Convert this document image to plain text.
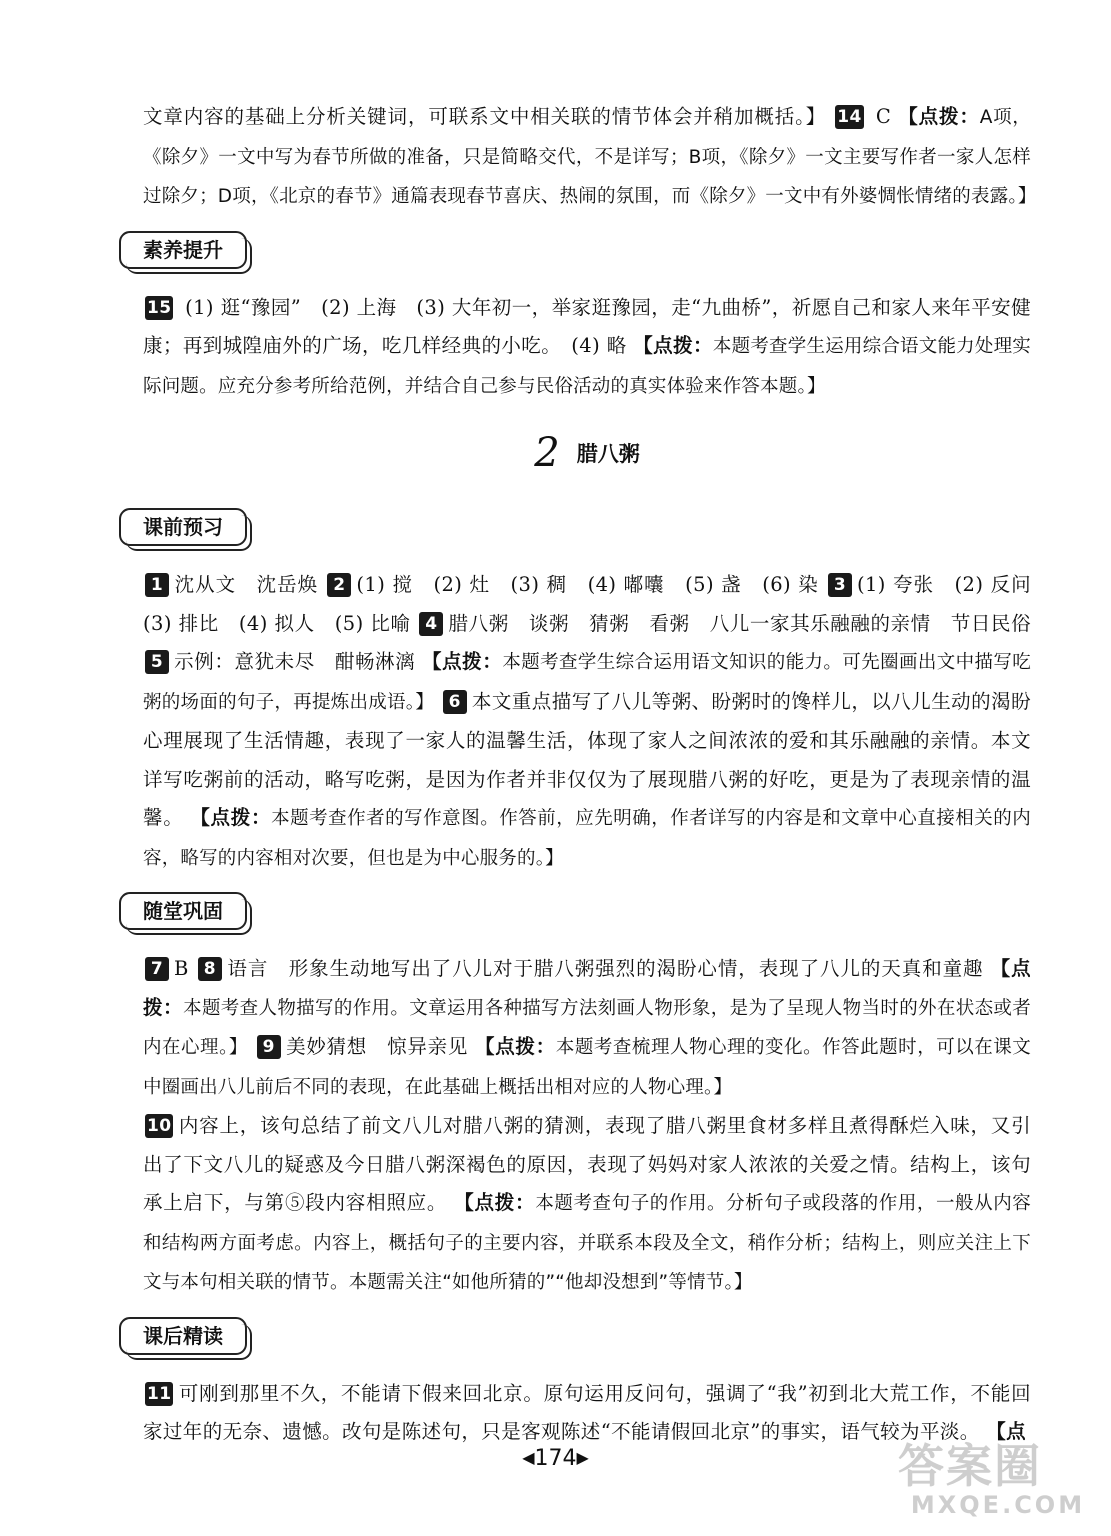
文章内容的基础上分析关键词，可联系文中相关联的情节体会并稍加概括。】 14 C 【点拨：A项，《除夕》一文中写为春节所做的准备，只是简略交代，不是详写；B项，《除夕》一文主要写作者一家人怎样过除夕；D项，《北京的春节》通篇表现春节喜庆、热闹的氛围，而《除夕》一文中有外婆惆怅情绪的表露。】

素养提升

15 (1) 逛“豫园”　(2) 上海　(3) 大年初一，举家逛豫园，走“九曲桥”，祈愿自己和家人来年平安健康；再到城隍庙外的广场，吃几样经典的小吃。　(4) 略 【点拨：本题考查学生运用综合语文能力处理实际问题。应充分参考所给范例，并结合自己参与民俗活动的真实体验来作答本题。】

2 腊八粥
课前预习

1 沈从文　沈岳焕 2 (1) 搅　(2) 灶　(3) 稠　(4) 嘟囔　(5) 盏　(6) 染 3 (1) 夸张　(2) 反问　(3) 排比　(4) 拟人　(5) 比喻 4 腊八粥　谈粥　猜粥　看粥　八儿一家其乐融融的亲情　节日民俗 5 示例：意犹未尽　酣畅淋漓 【点拨：本题考查学生综合运用语文知识的能力。可先圈画出文中描写吃粥的场面的句子，再提炼出成语。】 6 本文重点描写了八儿等粥、盼粥时的馋样儿，以八儿生动的渴盼心理展现了生活情趣，表现了一家人的温馨生活，体现了家人之间浓浓的爱和其乐融融的亲情。本文详写吃粥前的活动，略写吃粥，是因为作者并非仅仅为了展现腊八粥的好吃，更是为了表现亲情的温馨。 【点拨：本题考查作者的写作意图。作答前，应先明确，作者详写的内容是和文章中心直接相关的内容，略写的内容相对次要，但也是为中心服务的。】

随堂巩固

7 B 8 语言　形象生动地写出了八儿对于腊八粥强烈的渴盼心情，表现了八儿的天真和童趣 【点拨：本题考查人物描写的作用。文章运用各种描写方法刻画人物形象，是为了呈现人物当时的外在状态或者内在心理。】 9 美妙猜想　惊异亲见 【点拨：本题考查梳理人物心理的变化。作答此题时，可以在课文中圈画出八儿前后不同的表现，在此基础上概括出相对应的人物心理。】

10 内容上，该句总结了前文八儿对腊八粥的猜测，表现了腊八粥里食材多样且煮得酥烂入味，又引出了下文八儿的疑惑及今日腊八粥深褐色的原因，表现了妈妈对家人浓浓的关爱之情。结构上，该句承上启下，与第⑤段内容相照应。 【点拨：本题考查句子的作用。分析句子或段落的作用，一般从内容和结构两方面考虑。内容上，概括句子的主要内容，并联系本段及全文，稍作分析；结构上，则应关注上下文与本句相关联的情节。本题需关注“如他所猜的”“他却没想到”等情节。】

课后精读

11 可刚到那里不久，不能请下假来回北京。原句运用反问句，强调了“我”初到北大荒工作，不能回家过年的无奈、遗憾。改句是陈述句，只是客观陈述“不能请假回北京”的事实，语气较为平淡。 【点

◀174▶	答案圈
MXQE.COM
